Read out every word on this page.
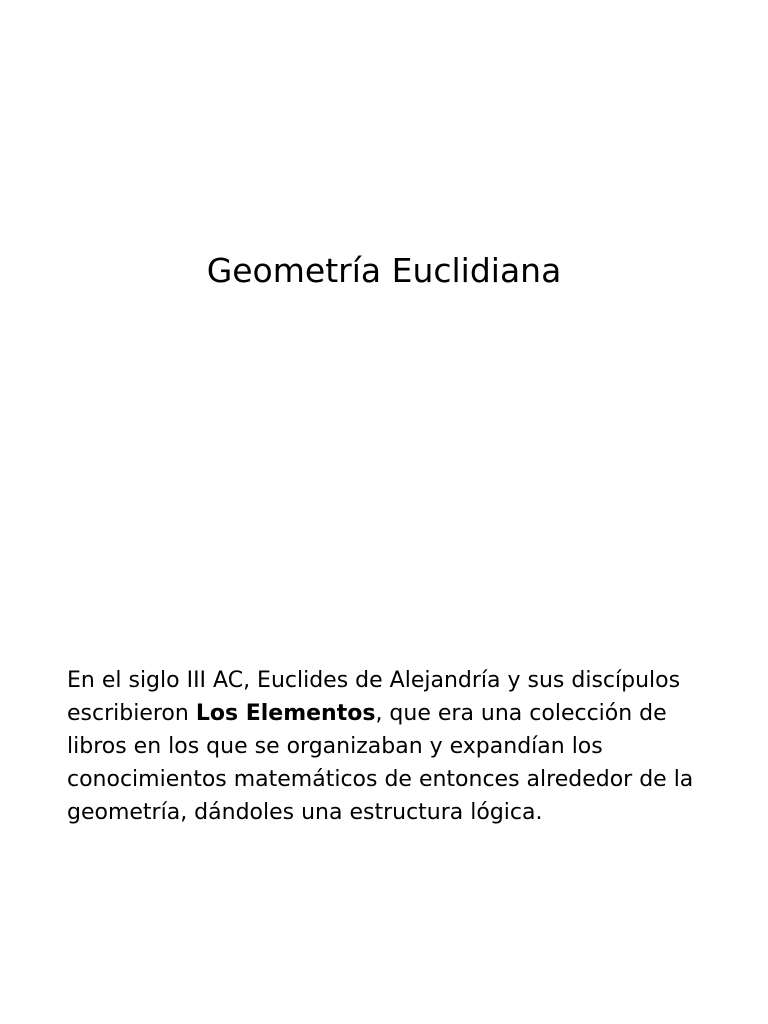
Geometría Euclidiana

En el siglo III AC, Euclides de Alejandría y sus discípulos escribieron Los Elementos, que era una colección de libros en los que se organizaban y expandían los conocimientos matemáticos de entonces alrededor de la geometría, dándoles una estructura lógica.
